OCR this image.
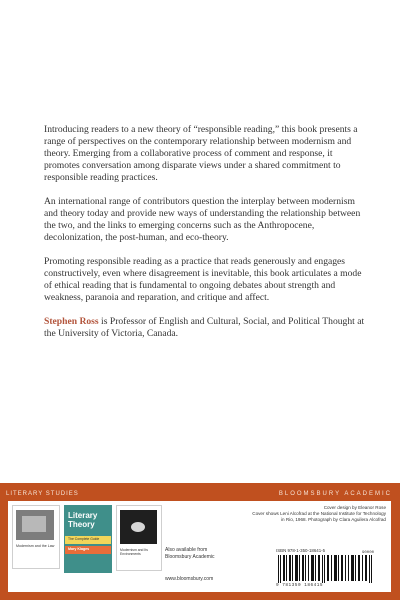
Introducing readers to a new theory of “responsible reading,” this book presents a range of perspectives on the contemporary relationship between modernism and theory. Emerging from a collaborative process of comment and response, it promotes conversation among disparate views under a shared commitment to responsible reading practices.

An international range of contributors question the interplay between modernism and theory today and provide new ways of understanding the relationship between the two, and the links to emerging concerns such as the Anthropocene, decolonization, the post-human, and eco-theory.

Promoting responsible reading as a practice that reads generously and engages constructively, even where disagreement is inevitable, this book articulates a mode of ethical reading that is fundamental to ongoing debates about strength and weakness, paranoia and reparation, and critique and affect.

Stephen Ross is Professor of English and Cultural, Social, and Political Thought at the University of Victoria, Canada.

LITERARY STUDIES	BLOOMSBURY ACADEMIC
Modernism and the Law
Literary Theory
The Complete Guide
Mary Klages	Modernism and Its Environments
Also available from Bloomsbury Academic
www.bloomsbury.com
Cover design by Eleanor Rose
Cover shows Leni Alcofrad at the National Institute for Technology
in Rio, 1968. Photograph by Clara Aguilera Alcofrad
ISBN 978-1-350-18641-5
9 781350 186415
90000
